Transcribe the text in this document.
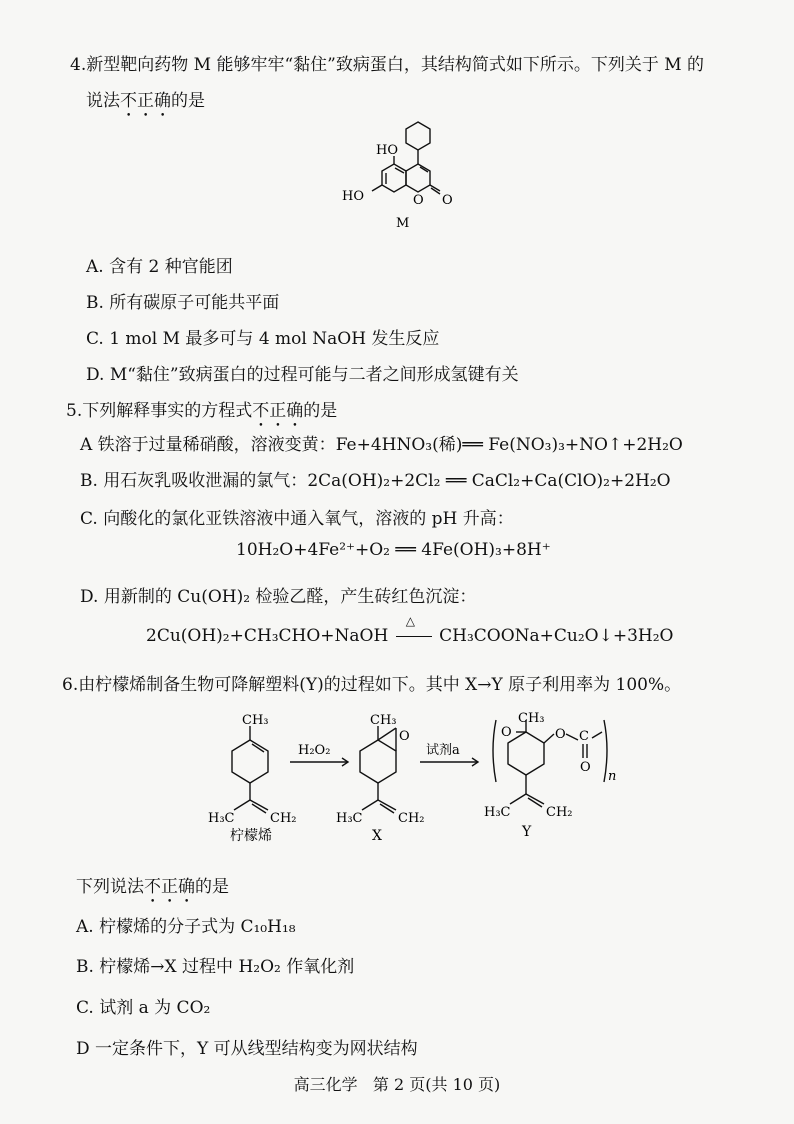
4.新型靶向药物 M 能够牢牢“黏住”致病蛋白，其结构简式如下所示。下列关于 M 的
说法不正确的是
HO
HO	O O
M
A. 含有 2 种官能团
B. 所有碳原子可能共平面
C. 1 mol M 最多可与 4 mol NaOH 发生反应
D. M“黏住”致病蛋白的过程可能与二者之间形成氢键有关
5.下列解释事实的方程式不正确的是
A 铁溶于过量稀硝酸，溶液变黄：Fe+4HNO₃(稀)══ Fe(NO₃)₃+NO↑+2H₂O
B. 用石灰乳吸收泄漏的氯气：2Ca(OH)₂+2Cl₂ ══ CaCl₂+Ca(ClO)₂+2H₂O
C. 向酸化的氯化亚铁溶液中通入氧气，溶液的 pH 升高：
10H₂O+4Fe²⁺+O₂ ══ 4Fe(OH)₃+8H⁺
D. 用新制的 Cu(OH)₂ 检验乙醛，产生砖红色沉淀：
2Cu(OH)₂+CH₃CHO+NaOH
△
CH₃COONa+Cu₂O↓+3H₂O
6.由柠檬烯制备生物可降解塑料(Y)的过程如下。其中 X→Y 原子利用率为 100%。
CH₃
H₃C	CH₂
柠檬烯
H₂O₂
CH₃
O
H₃C	CH₂
X
试剂a
CH₃
O	O C
O
n
H₃C	CH₂
Y
下列说法不正确的是
A. 柠檬烯的分子式为 C₁₀H₁₈
B. 柠檬烯→X 过程中 H₂O₂ 作氧化剂
C. 试剂 a 为 CO₂
D 一定条件下，Y 可从线型结构变为网状结构
高三化学   第 2 页(共 10 页)
